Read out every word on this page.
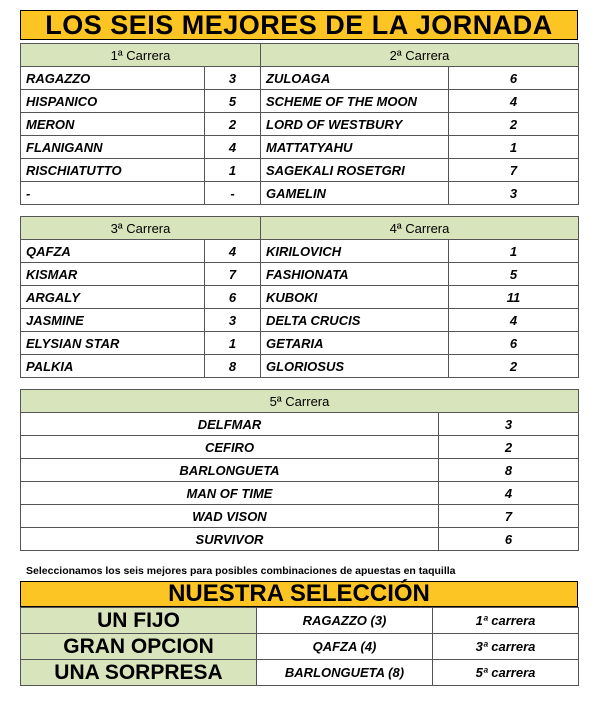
LOS SEIS MEJORES DE LA JORNADA
1ª Carrera		2ª Carrera	
RAGAZZO	3	ZULOAGA	6
HISPANICO	5	SCHEME OF THE MOON	4
MERON	2	LORD OF WESTBURY	2
FLANIGANN	4	MATTATYAHU	1
RISCHIATUTTO	1	SAGEKALI ROSETGRI	7
-	-	GAMELIN	3
3ª Carrera		4ª Carrera	
QAFZA	4	KIRILOVICH	1
KISMAR	7	FASHIONATA	5
ARGALY	6	KUBOKI	11
JASMINE	3	DELTA CRUCIS	4
ELYSIAN STAR	1	GETARIA	6
PALKIA	8	GLORIOSUS	2
5ª Carrera	
DELFMAR	3
CEFIRO	2
BARLONGUETA	8
MAN OF TIME	4
WAD VISON	7
SURVIVOR	6
Seleccionamos los seis mejores para posibles combinaciones de apuestas en taquilla
NUESTRA SELECCIÓN
UN FIJO	RAGAZZO (3)	1ª carrera
GRAN OPCION	QAFZA (4)	3ª carrera
UNA SORPRESA	BARLONGUETA (8)	5ª carrera
